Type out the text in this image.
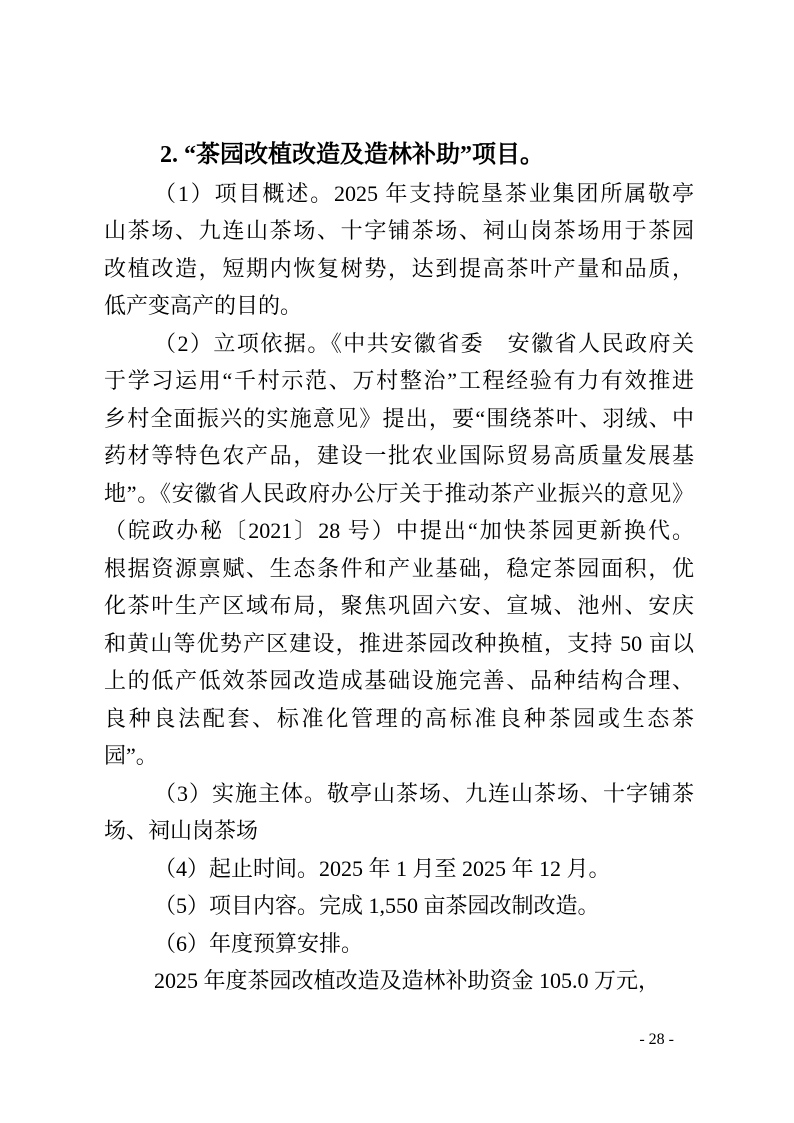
2. “茶园改植改造及造林补助”项目。
（1）项目概述。2025 年支持皖垦茶业集团所属敬亭
山茶场、九连山茶场、十字铺茶场、祠山岗茶场用于茶园
改植改造，短期内恢复树势，达到提高茶叶产量和品质，
低产变高产的目的。
（2）立项依据。《中共安徽省委　安徽省人民政府关
于学习运用“千村示范、万村整治”工程经验有力有效推进
乡村全面振兴的实施意见》提出，要“围绕茶叶、羽绒、中
药材等特色农产品，建设一批农业国际贸易高质量发展基
地”。《安徽省人民政府办公厅关于推动茶产业振兴的意见》
（皖政办秘〔2021〕28 号）中提出“加快茶园更新换代。
根据资源禀赋、生态条件和产业基础，稳定茶园面积，优
化茶叶生产区域布局，聚焦巩固六安、宣城、池州、安庆
和黄山等优势产区建设，推进茶园改种换植，支持 50 亩以
上的低产低效茶园改造成基础设施完善、品种结构合理、
良种良法配套、标准化管理的高标准良种茶园或生态茶
园”。
（3）实施主体。敬亭山茶场、九连山茶场、十字铺茶
场、祠山岗茶场
（4）起止时间。2025 年 1 月至 2025 年 12 月。
（5）项目内容。完成 1,550 亩茶园改制改造。
（6）年度预算安排。
2025 年度茶园改植改造及造林补助资金 105.0 万元，
- 28 -
